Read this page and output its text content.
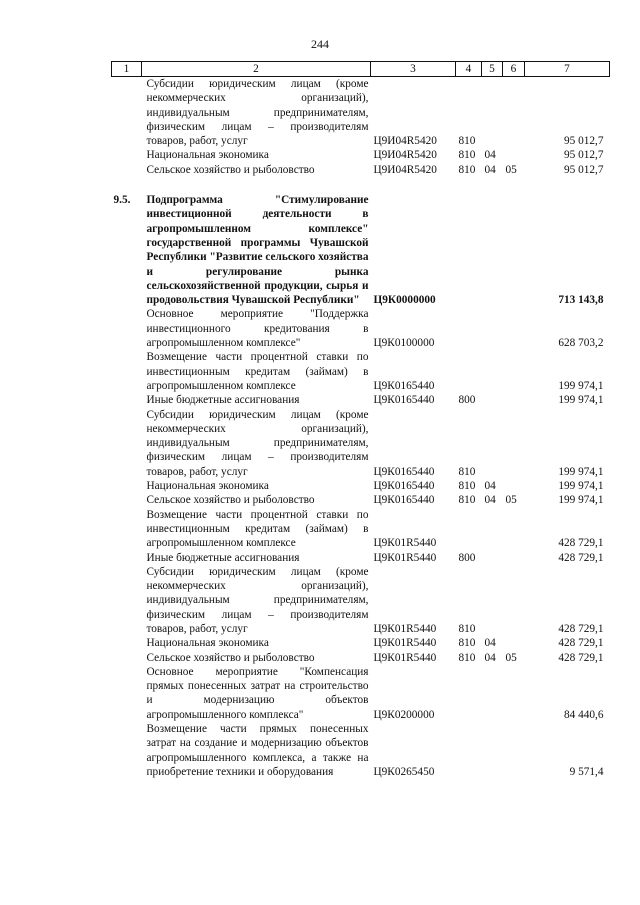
244
1	2	3	4	5	6	7
	Субсидии юридическим лицам (кроме некоммерческих организаций), индивидуальным предпринимателям, физическим лицам – производителям товаров, работ, услуг	Ц9И04R5420	810			95 012,7
	Национальная экономика	Ц9И04R5420	810	04		95 012,7
	Сельское хозяйство и рыболовство	Ц9И04R5420	810	04	05	95 012,7

9.5.	Подпрограмма "Стимулирование инвестиционной деятельности в агропромышленном комплексе" государственной программы Чувашской Республики "Развитие сельского хозяйства и регулирование рынка сельскохозяйственной продукции, сырья и продовольствия Чувашской Республики"	Ц9К0000000				713 143,8
	Основное мероприятие "Поддержка инвестиционного кредитования в агропромышленном комплексе"	Ц9К0100000				628 703,2
	Возмещение части процентной ставки по инвестиционным кредитам (займам) в агропромышленном комплексе	Ц9К0165440				199 974,1
	Иные бюджетные ассигнования	Ц9К0165440	800			199 974,1
	Субсидии юридическим лицам (кроме некоммерческих организаций), индивидуальным предпринимателям, физическим лицам – производителям товаров, работ, услуг	Ц9К0165440	810			199 974,1
	Национальная экономика	Ц9К0165440	810	04		199 974,1
	Сельское хозяйство и рыболовство	Ц9К0165440	810	04	05	199 974,1
	Возмещение части процентной ставки по инвестиционным кредитам (займам) в агропромышленном комплексе	Ц9К01R5440				428 729,1
	Иные бюджетные ассигнования	Ц9К01R5440	800			428 729,1
	Субсидии юридическим лицам (кроме некоммерческих организаций), индивидуальным предпринимателям, физическим лицам – производителям товаров, работ, услуг	Ц9К01R5440	810			428 729,1
	Национальная экономика	Ц9К01R5440	810	04		428 729,1
	Сельское хозяйство и рыболовство	Ц9К01R5440	810	04	05	428 729,1
	Основное мероприятие "Компенсация прямых понесенных затрат на строительство и модернизацию объектов агропромышленного комплекса"	Ц9К0200000				84 440,6
	Возмещение части прямых понесенных затрат на создание и модернизацию объектов агропромышленного комплекса, а также на приобретение техники и оборудования	Ц9К0265450				9 571,4
